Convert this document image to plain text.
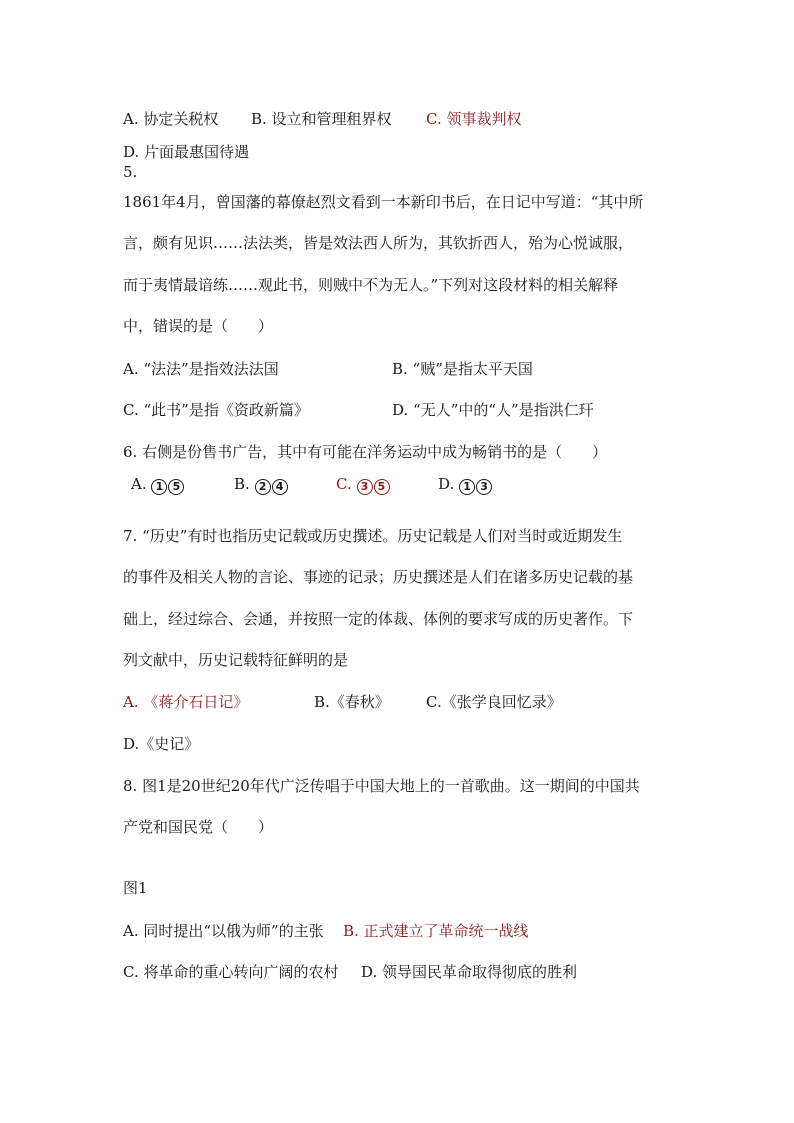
A. 协定关税权 B. 设立和管理租界权 C. 领事裁判权
D. 片面最惠国待遇
5.
1861年4月，曾国藩的幕僚赵烈文看到一本新印书后，在日记中写道：“其中所
言，颇有见识……法法类，皆是效法西人所为，其钦折西人，殆为心悦诚服，
而于夷情最谙练……观此书，则贼中不为无人。”下列对这段材料的相关解释
中，错误的是（　　）
A. “法法”是指效法法国	B. “贼”是指太平天国
C. “此书”是指《资政新篇》	D. “无人”中的“人”是指洪仁玕
6. 右侧是份售书广告，其中有可能在洋务运动中成为畅销书的是（　　）
A. 1 5	B. 2 4	C. 3 5	D. 1 3
7. “历史”有时也指历史记载或历史撰述。历史记载是人们对当时或近期发生
的事件及相关人物的言论、事迹的记录；历史撰述是人们在诸多历史记载的基
础上，经过综合、会通，并按照一定的体裁、体例的要求写成的历史著作。下
列文献中，历史记载特征鲜明的是
A. 《蒋介石日记》	B.《春秋》 C.《张学良回忆录》
D.《史记》
8. 图1是20世纪20年代广泛传唱于中国大地上的一首歌曲。这一期间的中国共
产党和国民党（　　）
图1
A. 同时提出“以俄为师”的主张 B. 正式建立了革命统一战线
C. 将革命的重心转向广阔的农村 D. 领导国民革命取得彻底的胜利
